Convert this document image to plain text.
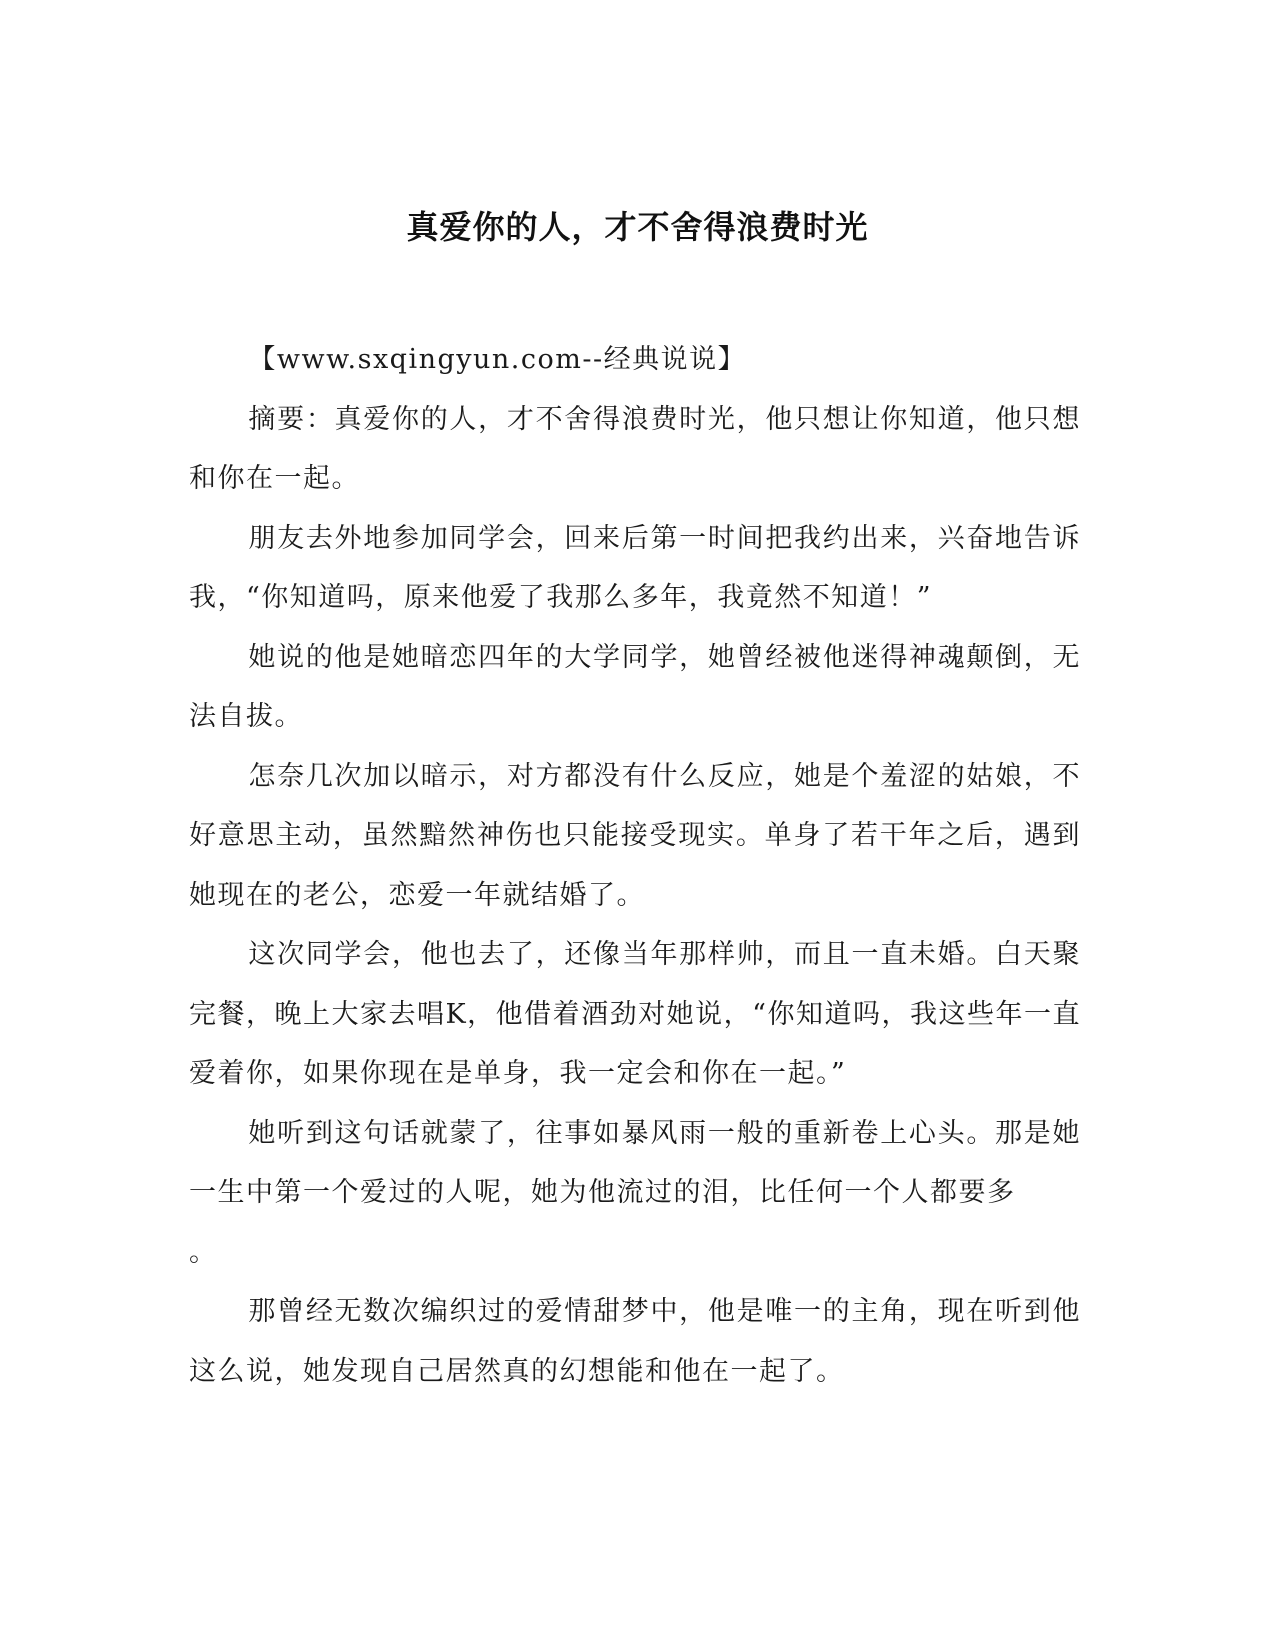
真爱你的人，才不舍得浪费时光

【www.sxqingyun.com--经典说说】

摘要：真爱你的人，才不舍得浪费时光，他只想让你知道，他只想和你在一起。

朋友去外地参加同学会，回来后第一时间把我约出来，兴奋地告诉我，“你知道吗，原来他爱了我那么多年，我竟然不知道！”

她说的他是她暗恋四年的大学同学，她曾经被他迷得神魂颠倒，无法自拔。

怎奈几次加以暗示，对方都没有什么反应，她是个羞涩的姑娘，不好意思主动，虽然黯然神伤也只能接受现实。单身了若干年之后，遇到她现在的老公，恋爱一年就结婚了。

这次同学会，他也去了，还像当年那样帅，而且一直未婚。白天聚完餐，晚上大家去唱K，他借着酒劲对她说，“你知道吗，我这些年一直爱着你，如果你现在是单身，我一定会和你在一起。”

她听到这句话就蒙了，往事如暴风雨一般的重新卷上心头。那是她一生中第一个爱过的人呢，她为他流过的泪，比任何一个人都要多

。

那曾经无数次编织过的爱情甜梦中，他是唯一的主角，现在听到他这么说，她发现自己居然真的幻想能和他在一起了。
